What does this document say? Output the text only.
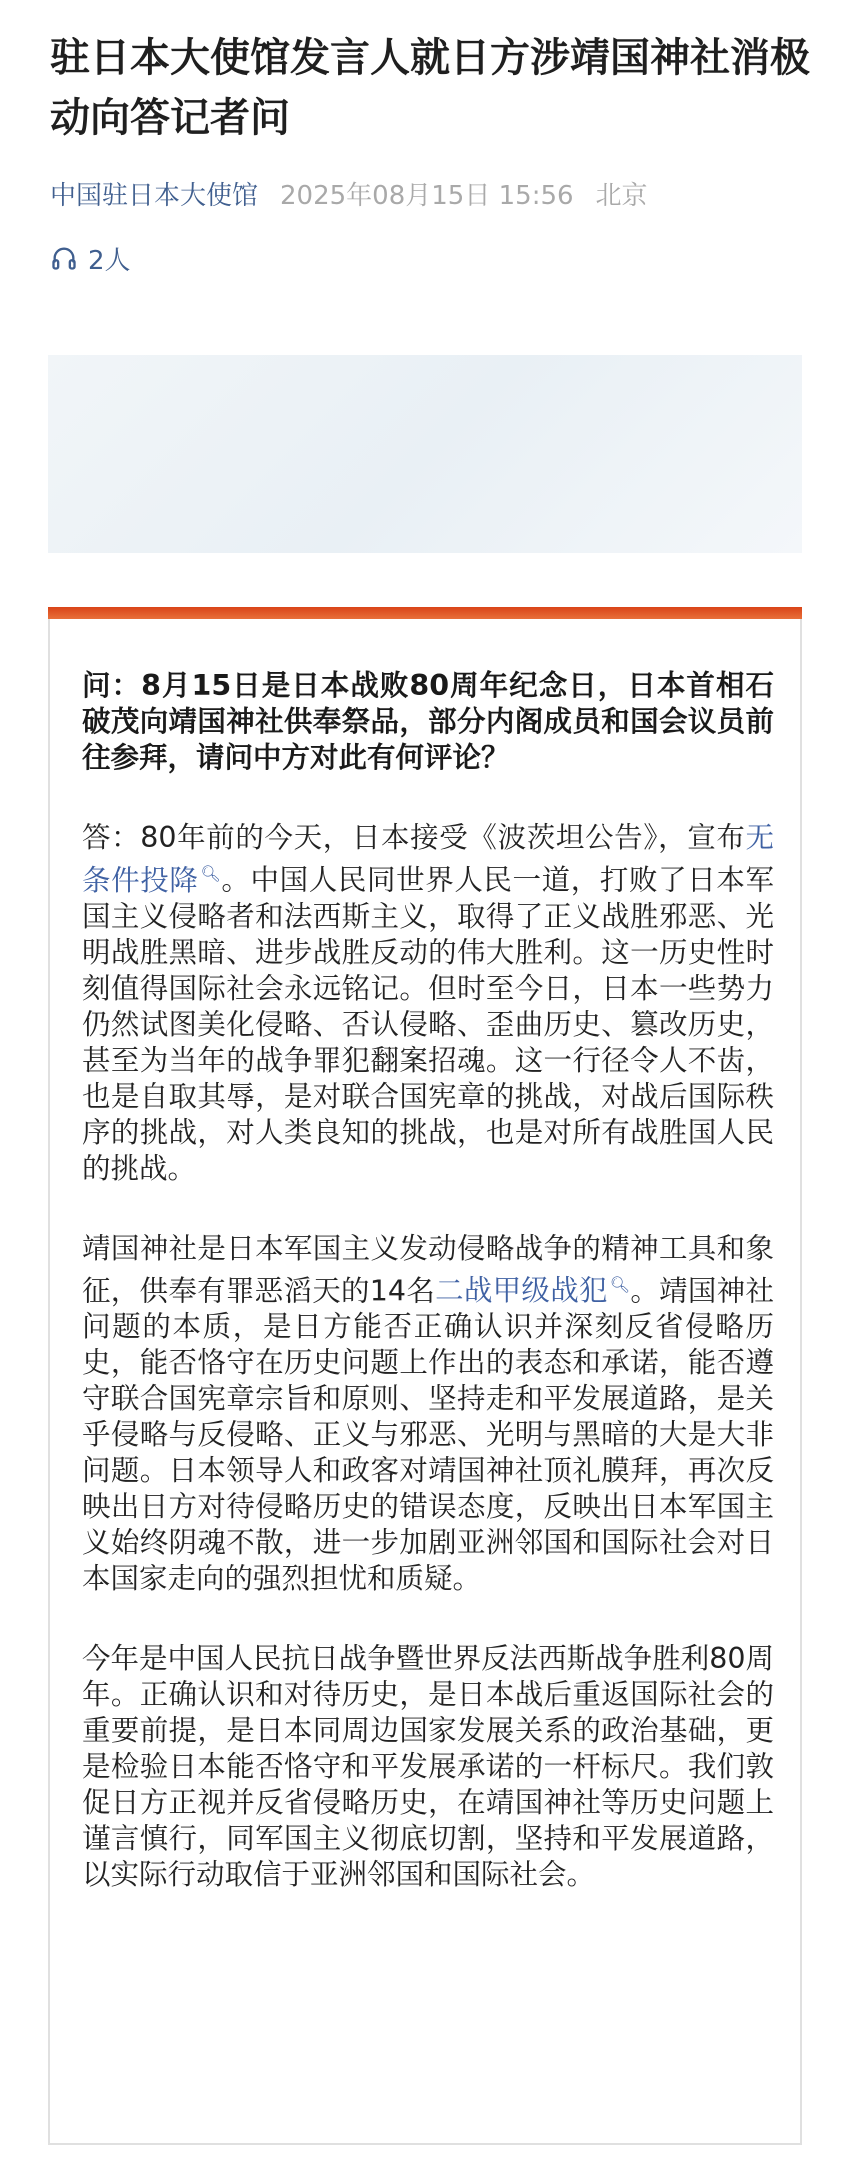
驻日本大使馆发言人就日方涉靖国神社消极动向答记者问
中国驻日本大使馆 2025年08月15日 15:56 北京
2人

问：8月15日是日本战败80周年纪念日，日本首相石破茂向靖国神社供奉祭品，部分内阁成员和国会议员前往参拜，请问中方对此有何评论？

答：80年前的今天，日本接受《波茨坦公告》，宣布无条件投降 🔍︎。中国人民同世界人民一道，打败了日本军国主义侵略者和法西斯主义，取得了正义战胜邪恶、光明战胜黑暗、进步战胜反动的伟大胜利。这一历史性时刻值得国际社会永远铭记。但时至今日，日本一些势力仍然试图美化侵略、否认侵略、歪曲历史、篡改历史，甚至为当年的战争罪犯翻案招魂。这一行径令人不齿，也是自取其辱，是对联合国宪章的挑战，对战后国际秩序的挑战，对人类良知的挑战，也是对所有战胜国人民的挑战。

靖国神社是日本军国主义发动侵略战争的精神工具和象征，供奉有罪恶滔天的14名二战甲级战犯 🔍︎。靖国神社问题的本质，是日方能否正确认识并深刻反省侵略历史，能否恪守在历史问题上作出的表态和承诺，能否遵守联合国宪章宗旨和原则、坚持走和平发展道路，是关乎侵略与反侵略、正义与邪恶、光明与黑暗的大是大非问题。日本领导人和政客对靖国神社顶礼膜拜，再次反映出日方对待侵略历史的错误态度，反映出日本军国主义始终阴魂不散，进一步加剧亚洲邻国和国际社会对日本国家走向的强烈担忧和质疑。

今年是中国人民抗日战争暨世界反法西斯战争胜利80周年。正确认识和对待历史，是日本战后重返国际社会的重要前提，是日本同周边国家发展关系的政治基础，更是检验日本能否恪守和平发展承诺的一杆标尺。我们敦促日方正视并反省侵略历史，在靖国神社等历史问题上谨言慎行，同军国主义彻底切割，坚持和平发展道路，以实际行动取信于亚洲邻国和国际社会。
